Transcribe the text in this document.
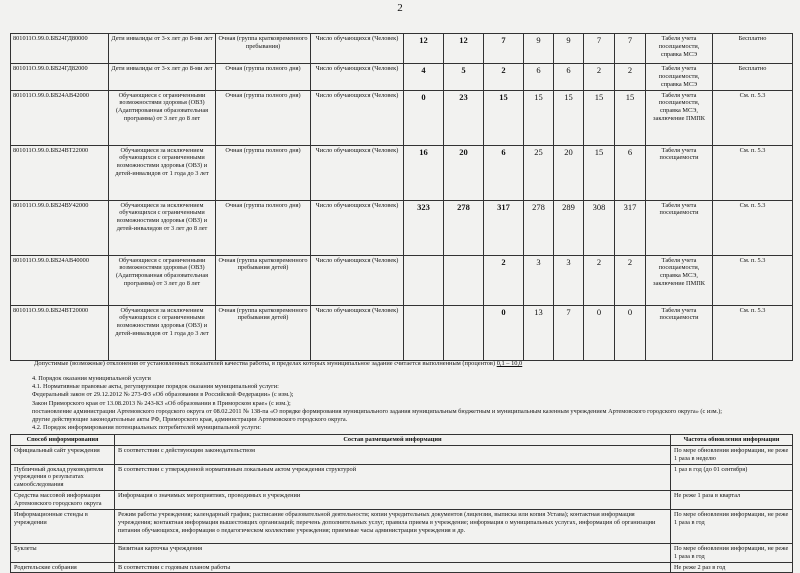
2
801011О.99.0.БВ24ГД80000	Дети инвалиды от 3-х лет до 8-ми лет	Очная (группа кратковременного пребывания)	Число обучающихся (Человек)	12	12	7	9	9	7	7	Табеля учета посещаемости, справка МСЭ	Бесплатно
801011О.99.0.БВ24ГД82000	Дети инвалиды от 3-х лет до 8-ми лет	Очная (группа полного дня)	Число обучающихся (Человек)	4	5	2	6	6	2	2	Табеля учета посещаемости, справка МСЭ	Бесплатно
801011О.99.0.БВ24АВ42000	Обучающиеся с ограниченными возможностями здоровья (ОВЗ) (Адаптированная образовательная программа) от 3 лет до 8 лет	Очная (группа полного дня)	Число обучающихся (Человек)	0	23	15	15	15	15	15	Табеля учета посещаемости, справка МСЭ, заключение ПМПК	См. п. 5.3
801011О.99.0.БВ24ВТ22000	Обучающиеся за исключением обучающихся с ограниченными возможностями здоровья (ОВЗ) и детей-инвалидов от 1 года до 3 лет	Очная (группа полного дня)	Число обучающихся (Человек)	16	20	6	25	20	15	6	Табеля учета посещаемости	См. п. 5.3
801011О.99.0.БВ24ВУ42000	Обучающиеся за исключением обучающихся с ограниченными возможностями здоровья (ОВЗ) и детей-инвалидов от 3 лет до 8 лет	Очная (группа полного дня)	Число обучающихся (Человек)	323	278	317	278	289	308	317	Табеля учета посещаемости	См. п. 5.3
801011О.99.0.БВ24АВ40000	Обучающиеся с ограниченными возможностями здоровья (ОВЗ) (Адаптированная образовательная программа) от 3 лет до 8 лет	Очная (группа кратковременного пребывания детей)	Число обучающихся (Человек)			2	3	3	2	2	Табеля учета посещаемости, справка МСЭ, заключение ПМПК	См. п. 5.3
801011О.99.0.БВ24ВТ20000	Обучающиеся за исключением обучающихся с ограниченными возможностями здоровья (ОВЗ) и детей-инвалидов от 1 года до 3 лет	Очная (группа кратковременного пребывания детей)	Число обучающихся (Человек)			0	13	7	0	0	Табеля учета посещаемости	См. п. 5.3
Допустимые (возможные) отклонения от установленных показателей качества работы, в пределах которых муниципальное задание считается выполненным (процентов) 0,1 – 10,0
4. Порядок оказания муниципальной услуги
4.1. Нормативные правовые акты, регулирующие порядок оказания муниципальной услуги:
Федеральный закон от 29.12.2012 № 273-ФЗ «Об образовании в Российской Федерации» (с изм.);
Закон Приморского края от 13.08.2013 № 243-КЗ «Об образовании в Приморском крае» (с изм.);
постановление администрации Артемовского городского округа от 08.02.2011 № 138-па «О порядке формирования муниципального задания муниципальным бюджетным и муниципальным казенным учреждением Артемовского городского округа» (с изм.);
другие действующие законодательные акты РФ, Приморского края, администрации Артемовского городского округа.
4.2. Порядок информирования потенциальных потребителей муниципальной услуги:
Способ информирования	Состав размещаемой информации	Частота обновления информации
Официальный сайт учреждения	В соответствии с действующим законодательством	По мере обновления информации, не реже 1 раза в неделю
Публичный доклад руководителя учреждения о результатах самообследования	В соответствии с утвержденной нормативным локальным актом учреждения структурой	1 раз в год (до 01 сентября)
Средства массовой информации Артемовского городского округа	Информация о значимых мероприятиях, проводимых в учреждении	Не реже 1 раза в квартал
Информационные стенды в учреждении	Режим работы учреждения; календарный график; расписание образовательной деятельности; копии учредительных документов (лицензия, выписка или копия Устава); контактная информация учреждения; контактная информация вышестоящих организаций; перечень дополнительных услуг, правила приема в учреждение; информация о муниципальных услугах, информация об организации питания обучающихся, информация о педагогическом коллективе учреждения; приемные часы администрации учреждения и др.	По мере обновления информации, не реже 1 раза в год
Буклеты	Визитная карточка учреждения	По мере обновления информации, не реже 1 раза в год
Родительские собрания	В соответствии с годовым планом работы	Не реже 2 раз в год
